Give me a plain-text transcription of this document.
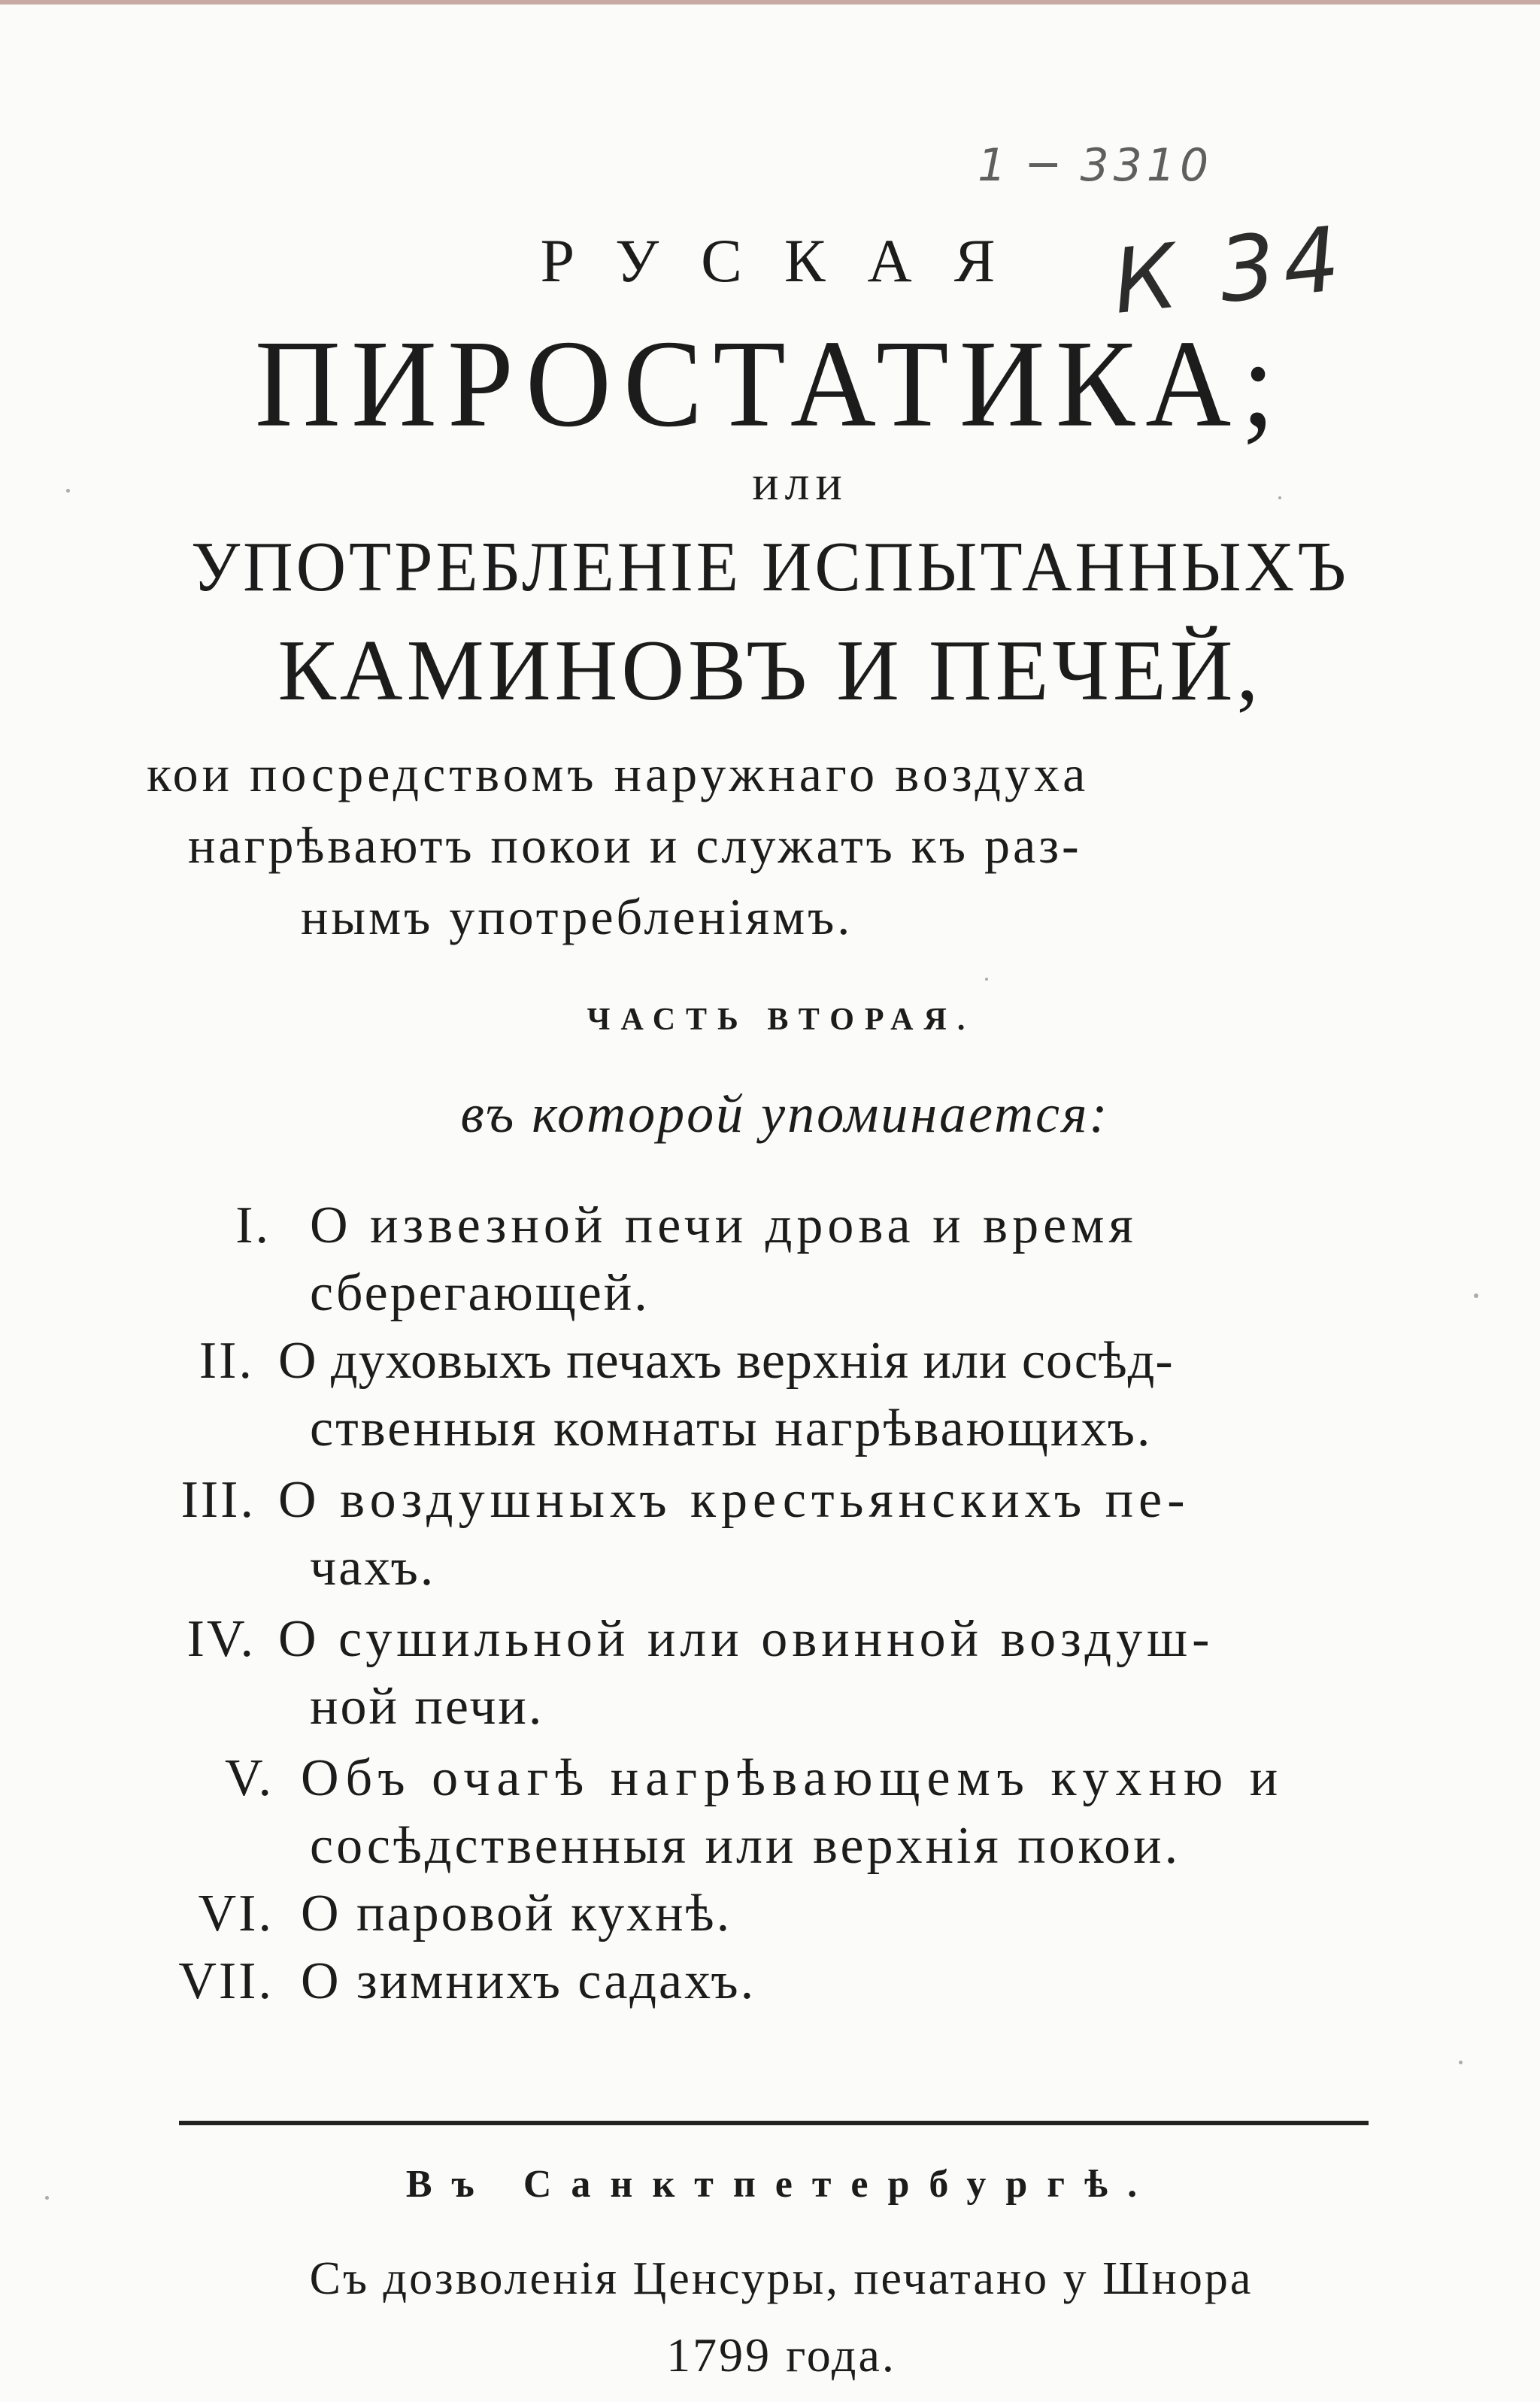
1 ─ 3310
К 34
РУСКАЯ
ПИРОСТАТИКА;
или
УПОТРЕБЛЕНІЕ ИСПЫТАННЫХЪ
КАМИНОВЪ И ПЕЧЕЙ,
кои посредствомъ наружнаго воздуха
нагрѣваютъ покои и служатъ къ раз-
нымъ употребленіямъ.
ЧАСТЬ ВТОРАЯ.
въ которой упоминается:
I. О извезной печи дрова и время
сберегающей.
II. О духовыхъ печахъ верхнія или сосѣд-
ственныя комнаты нагрѣвающихъ.
III. О воздушныхъ крестьянскихъ пе-
чахъ.
IV. О сушильной или овинной воздуш-
ной печи.
V. Объ очагѣ нагрѣвающемъ кухню и
сосѣдственныя или верхнія покои.
VI. О паровой кухнѣ.
VII. О зимнихъ садахъ.
Въ Санктпетербургѣ.
Съ дозволенія Ценсуры, печатано у Шнора
1799 года.
